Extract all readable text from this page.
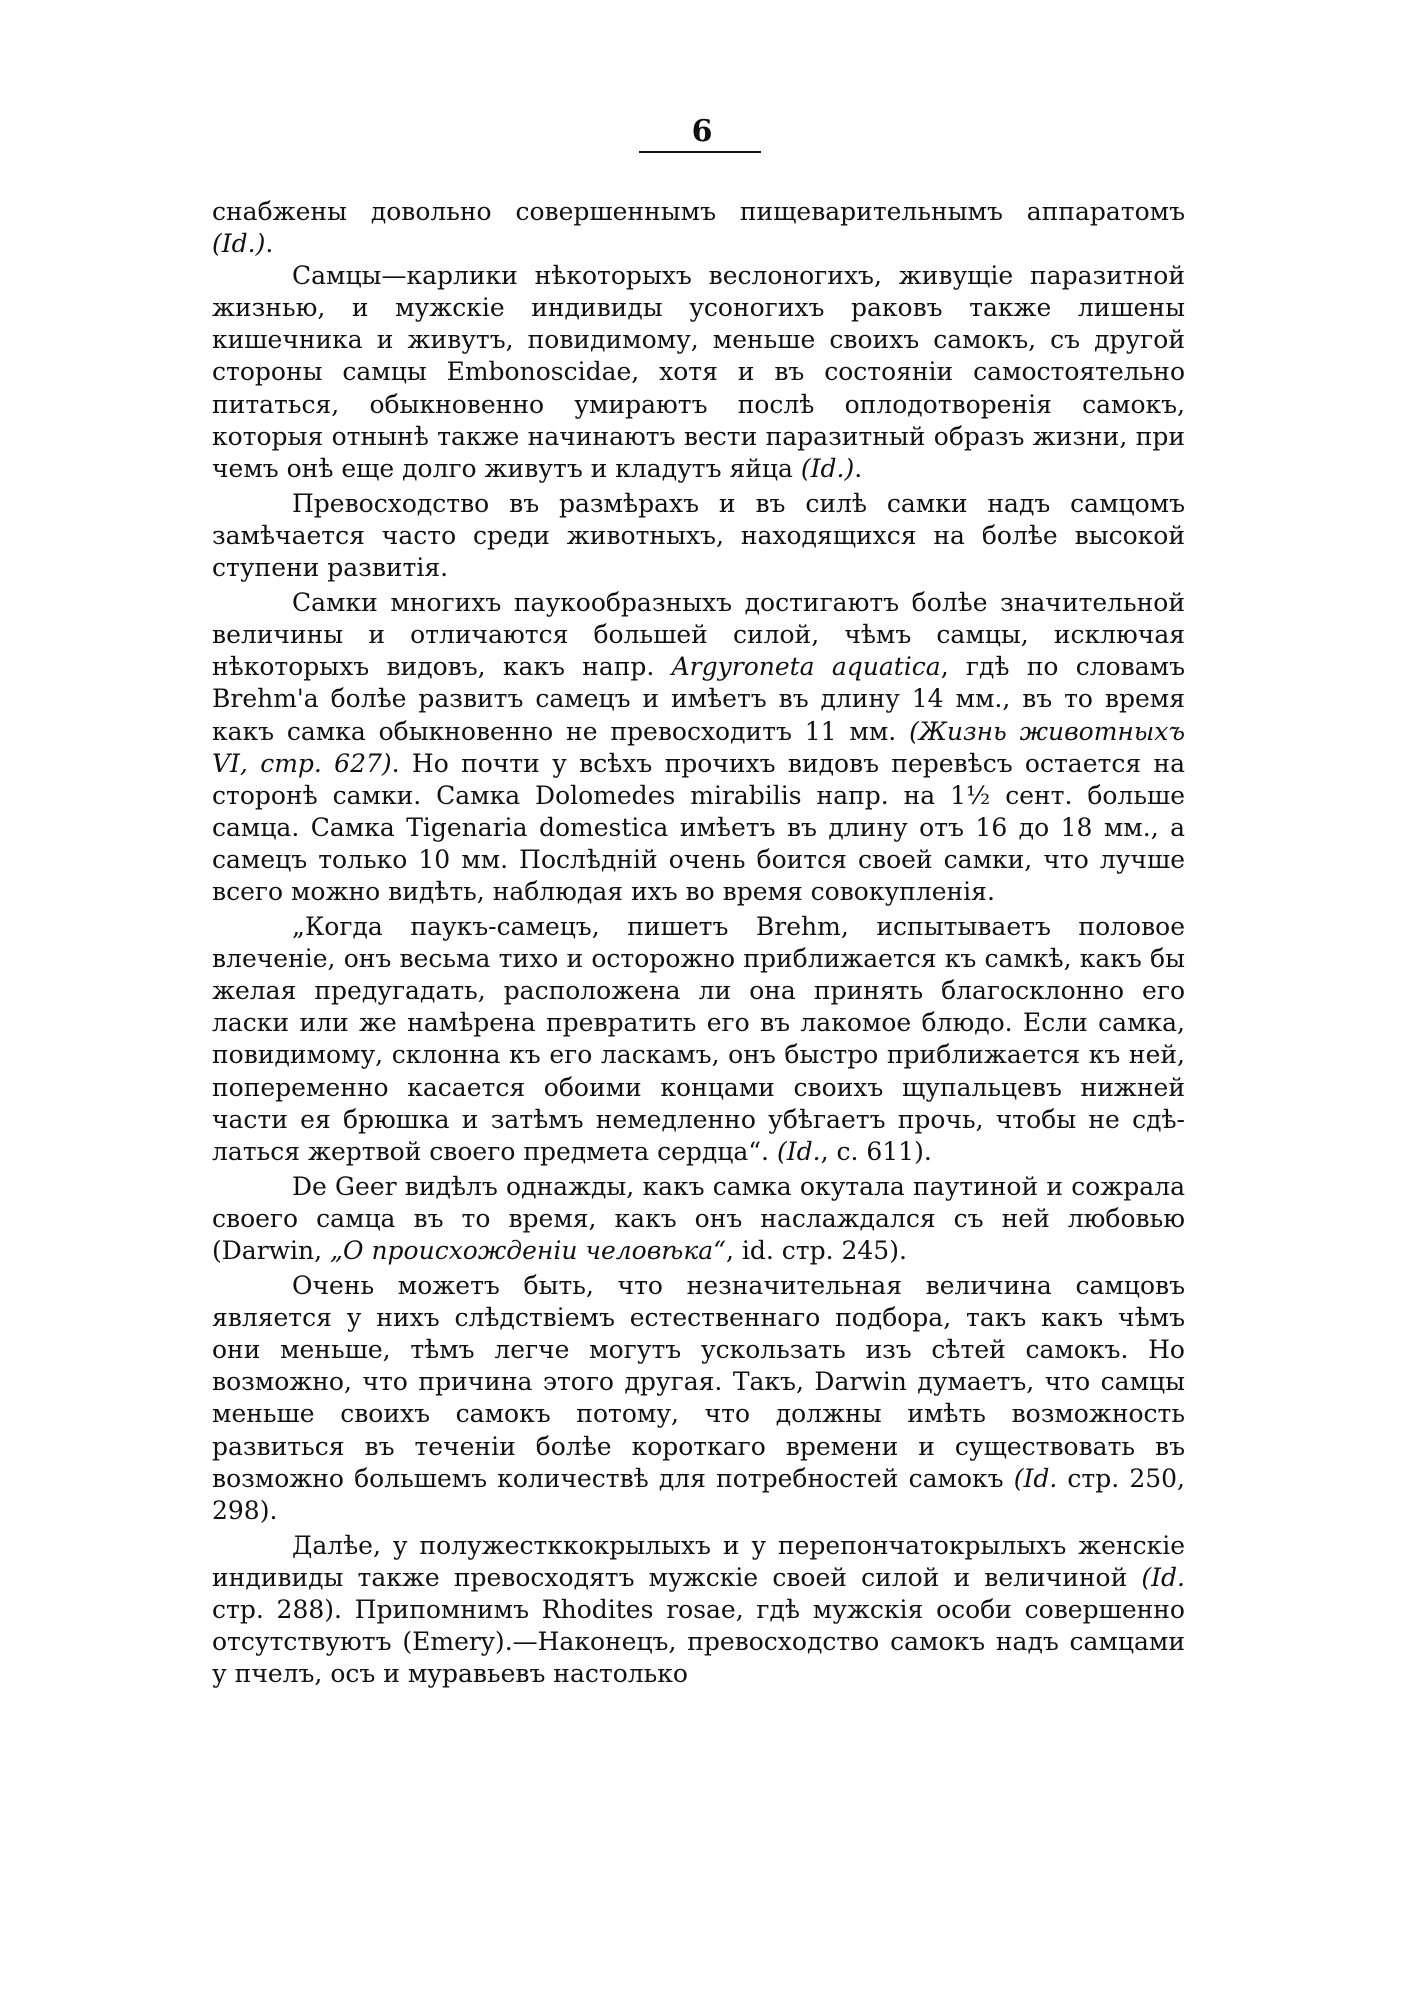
6

снабжены довольно совершеннымъ пищеварительнымъ аппаратомъ (Id.).

Самцы—карлики нѣкоторыхъ веслоногихъ, живущіе паразитной жизнью, и мужскіе индивиды усоногихъ раковъ также лишены кишечника и живутъ, повидимому, меньше своихъ самокъ, съ другой стороны самцы Embonoscidae, хотя и въ состояніи самостоятельно питаться, обыкновенно умираютъ послѣ оплодотворенія самокъ, которыя отнынѣ также начинаютъ вести паразитный образъ жизни, при чемъ онѣ еще долго живутъ и кладутъ яйца (Id.).

Превосходство въ размѣрахъ и въ силѣ самки надъ самцомъ замѣчается часто среди животныхъ, находящихся на болѣе высокой ступени развитія.

Самки многихъ паукообразныхъ достигаютъ болѣе значительной величины и отличаются большей силой, чѣмъ самцы, исключая нѣкоторыхъ видовъ, какъ напр. Argyroneta aquatica, гдѣ по словамъ Brehm'а болѣе развитъ самецъ и имѣетъ въ длину 14 мм., въ то время какъ самка обыкновенно не превосходитъ 11 мм. (Жизнь животныхъ VI, стр. 627). Но почти у всѣхъ прочихъ видовъ перевѣсъ остается на сторонѣ самки. Самка Dolomedes mirabilis напр. на 1½ сент. больше самца. Самка Tigenaria domestica имѣетъ въ длину отъ 16 до 18 мм., а самецъ только 10 мм. Послѣдній очень боится своей самки, что лучше всего можно видѣть, наблюдая ихъ во время совокупленія.

„Когда паукъ-самецъ, пишетъ Brehm, испытываетъ половое влеченіе, онъ весьма тихо и осторожно приближается къ самкѣ, какъ бы желая предугадать, расположена ли она принять благосклонно его ласки или же намѣрена превратить его въ лакомое блюдо. Если самка, повидимому, склонна къ его ласкамъ, онъ быстро приближается къ ней, попеременно касается обоими концами своихъ щупальцевъ нижней части ея брюшка и затѣмъ немедленно убѣгаетъ прочь, чтобы не сдѣлаться жертвой своего предмета сердца“. (Id., с. 611).

De Geer видѣлъ однажды, какъ самка окутала паутиной и сожрала своего самца въ то время, какъ онъ наслаждался съ ней любовью (Darwin, „О происхожденіи человѣка“, id. стр. 245).

Очень можетъ быть, что незначительная величина самцовъ является у нихъ слѣдствіемъ естественнаго подбора, такъ какъ чѣмъ они меньше, тѣмъ легче могутъ ускользать изъ сѣтей самокъ. Но возможно, что причина этого другая. Такъ, Darwin думаетъ, что самцы меньше своихъ самокъ потому, что должны имѣть возможность развиться въ теченіи болѣе короткаго времени и существовать въ возможно большемъ количествѣ для потребностей самокъ (Id. стр. 250, 298).

Далѣе, у полужестккокрылыхъ и у перепончатокрылыхъ женскіе индивиды также превосходятъ мужскіе своей силой и величиной (Id. стр. 288). Припомнимъ Rhodites rosae, гдѣ мужскія особи совершенно отсутствуютъ (Emery).—Наконецъ, превосходство самокъ надъ самцами у пчелъ, осъ и муравьевъ настолько
